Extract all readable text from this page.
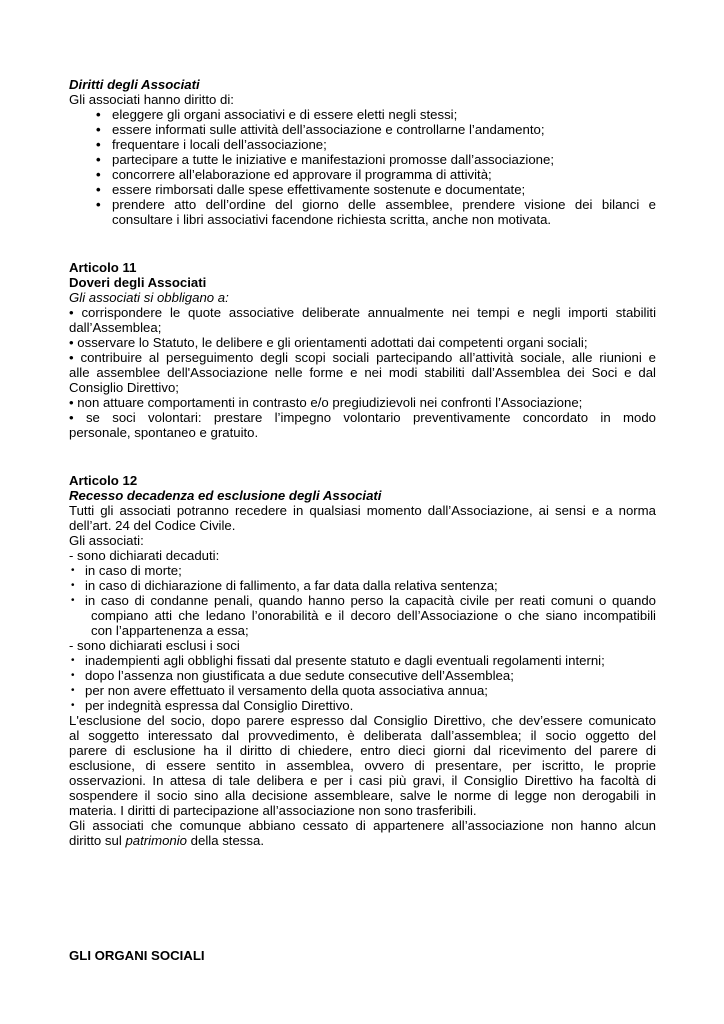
Diritti degli Associati
Gli associati hanno diritto di:
• eleggere gli organi associativi e di essere eletti negli stessi;
• essere informati sulle attività dell’associazione e controllarne l’andamento;
• frequentare i locali dell’associazione;
• partecipare a tutte le iniziative e manifestazioni promosse dall’associazione;
• concorrere all’elaborazione ed approvare il programma di attività;
• essere rimborsati dalle spese effettivamente sostenute e documentate;
• prendere atto dell’ordine del giorno delle assemblee, prendere visione dei bilanci e
consultare i libri associativi facendone richiesta scritta, anche non motivata.
Articolo 11
Doveri degli Associati
Gli associati si obbligano a:
• corrispondere le quote associative deliberate annualmente nei tempi e negli importi stabiliti
dall’Assemblea;
• osservare lo Statuto, le delibere e gli orientamenti adottati dai competenti organi sociali;
• contribuire al perseguimento degli scopi sociali partecipando all’attività sociale, alle riunioni e
alle assemblee dell'Associazione nelle forme e nei modi stabiliti dall’Assemblea dei Soci e dal
Consiglio Direttivo;
• non attuare comportamenti in contrasto e/o pregiudizievoli nei confronti l’Associazione;
• se soci volontari: prestare l’impegno volontario preventivamente concordato in modo
personale, spontaneo e gratuito.
Articolo 12
Recesso decadenza ed esclusione degli Associati
Tutti gli associati potranno recedere in qualsiasi momento dall’Associazione, ai sensi e a norma
dell’art. 24 del Codice Civile.
Gli associati:
- sono dichiarati decaduti:
• in caso di morte;
• in caso di dichiarazione di fallimento, a far data dalla relativa sentenza;
• in caso di condanne penali, quando hanno perso la capacità civile per reati comuni o quando
compiano atti che ledano l’onorabilità e il decoro dell’Associazione o che siano incompatibili
con l’appartenenza a essa;
- sono dichiarati esclusi i soci
• inadempienti agli obblighi fissati dal presente statuto e dagli eventuali regolamenti interni;
• dopo l’assenza non giustificata a due sedute consecutive dell’Assemblea;
• per non avere effettuato il versamento della quota associativa annua;
• per indegnità espressa dal Consiglio Direttivo.
L'esclusione del socio, dopo parere espresso dal Consiglio Direttivo, che dev’essere comunicato
al soggetto interessato dal provvedimento, è deliberata dall’assemblea; il socio oggetto del
parere di esclusione ha il diritto di chiedere, entro dieci giorni dal ricevimento del parere di
esclusione, di essere sentito in assemblea, ovvero di presentare, per iscritto, le proprie
osservazioni. In attesa di tale delibera e per i casi più gravi, il Consiglio Direttivo ha facoltà di
sospendere il socio sino alla decisione assembleare, salve le norme di legge non derogabili in
materia. I diritti di partecipazione all’associazione non sono trasferibili.
Gli associati che comunque abbiano cessato di appartenere all’associazione non hanno alcun
diritto sul patrimonio della stessa.
GLI ORGANI SOCIALI
